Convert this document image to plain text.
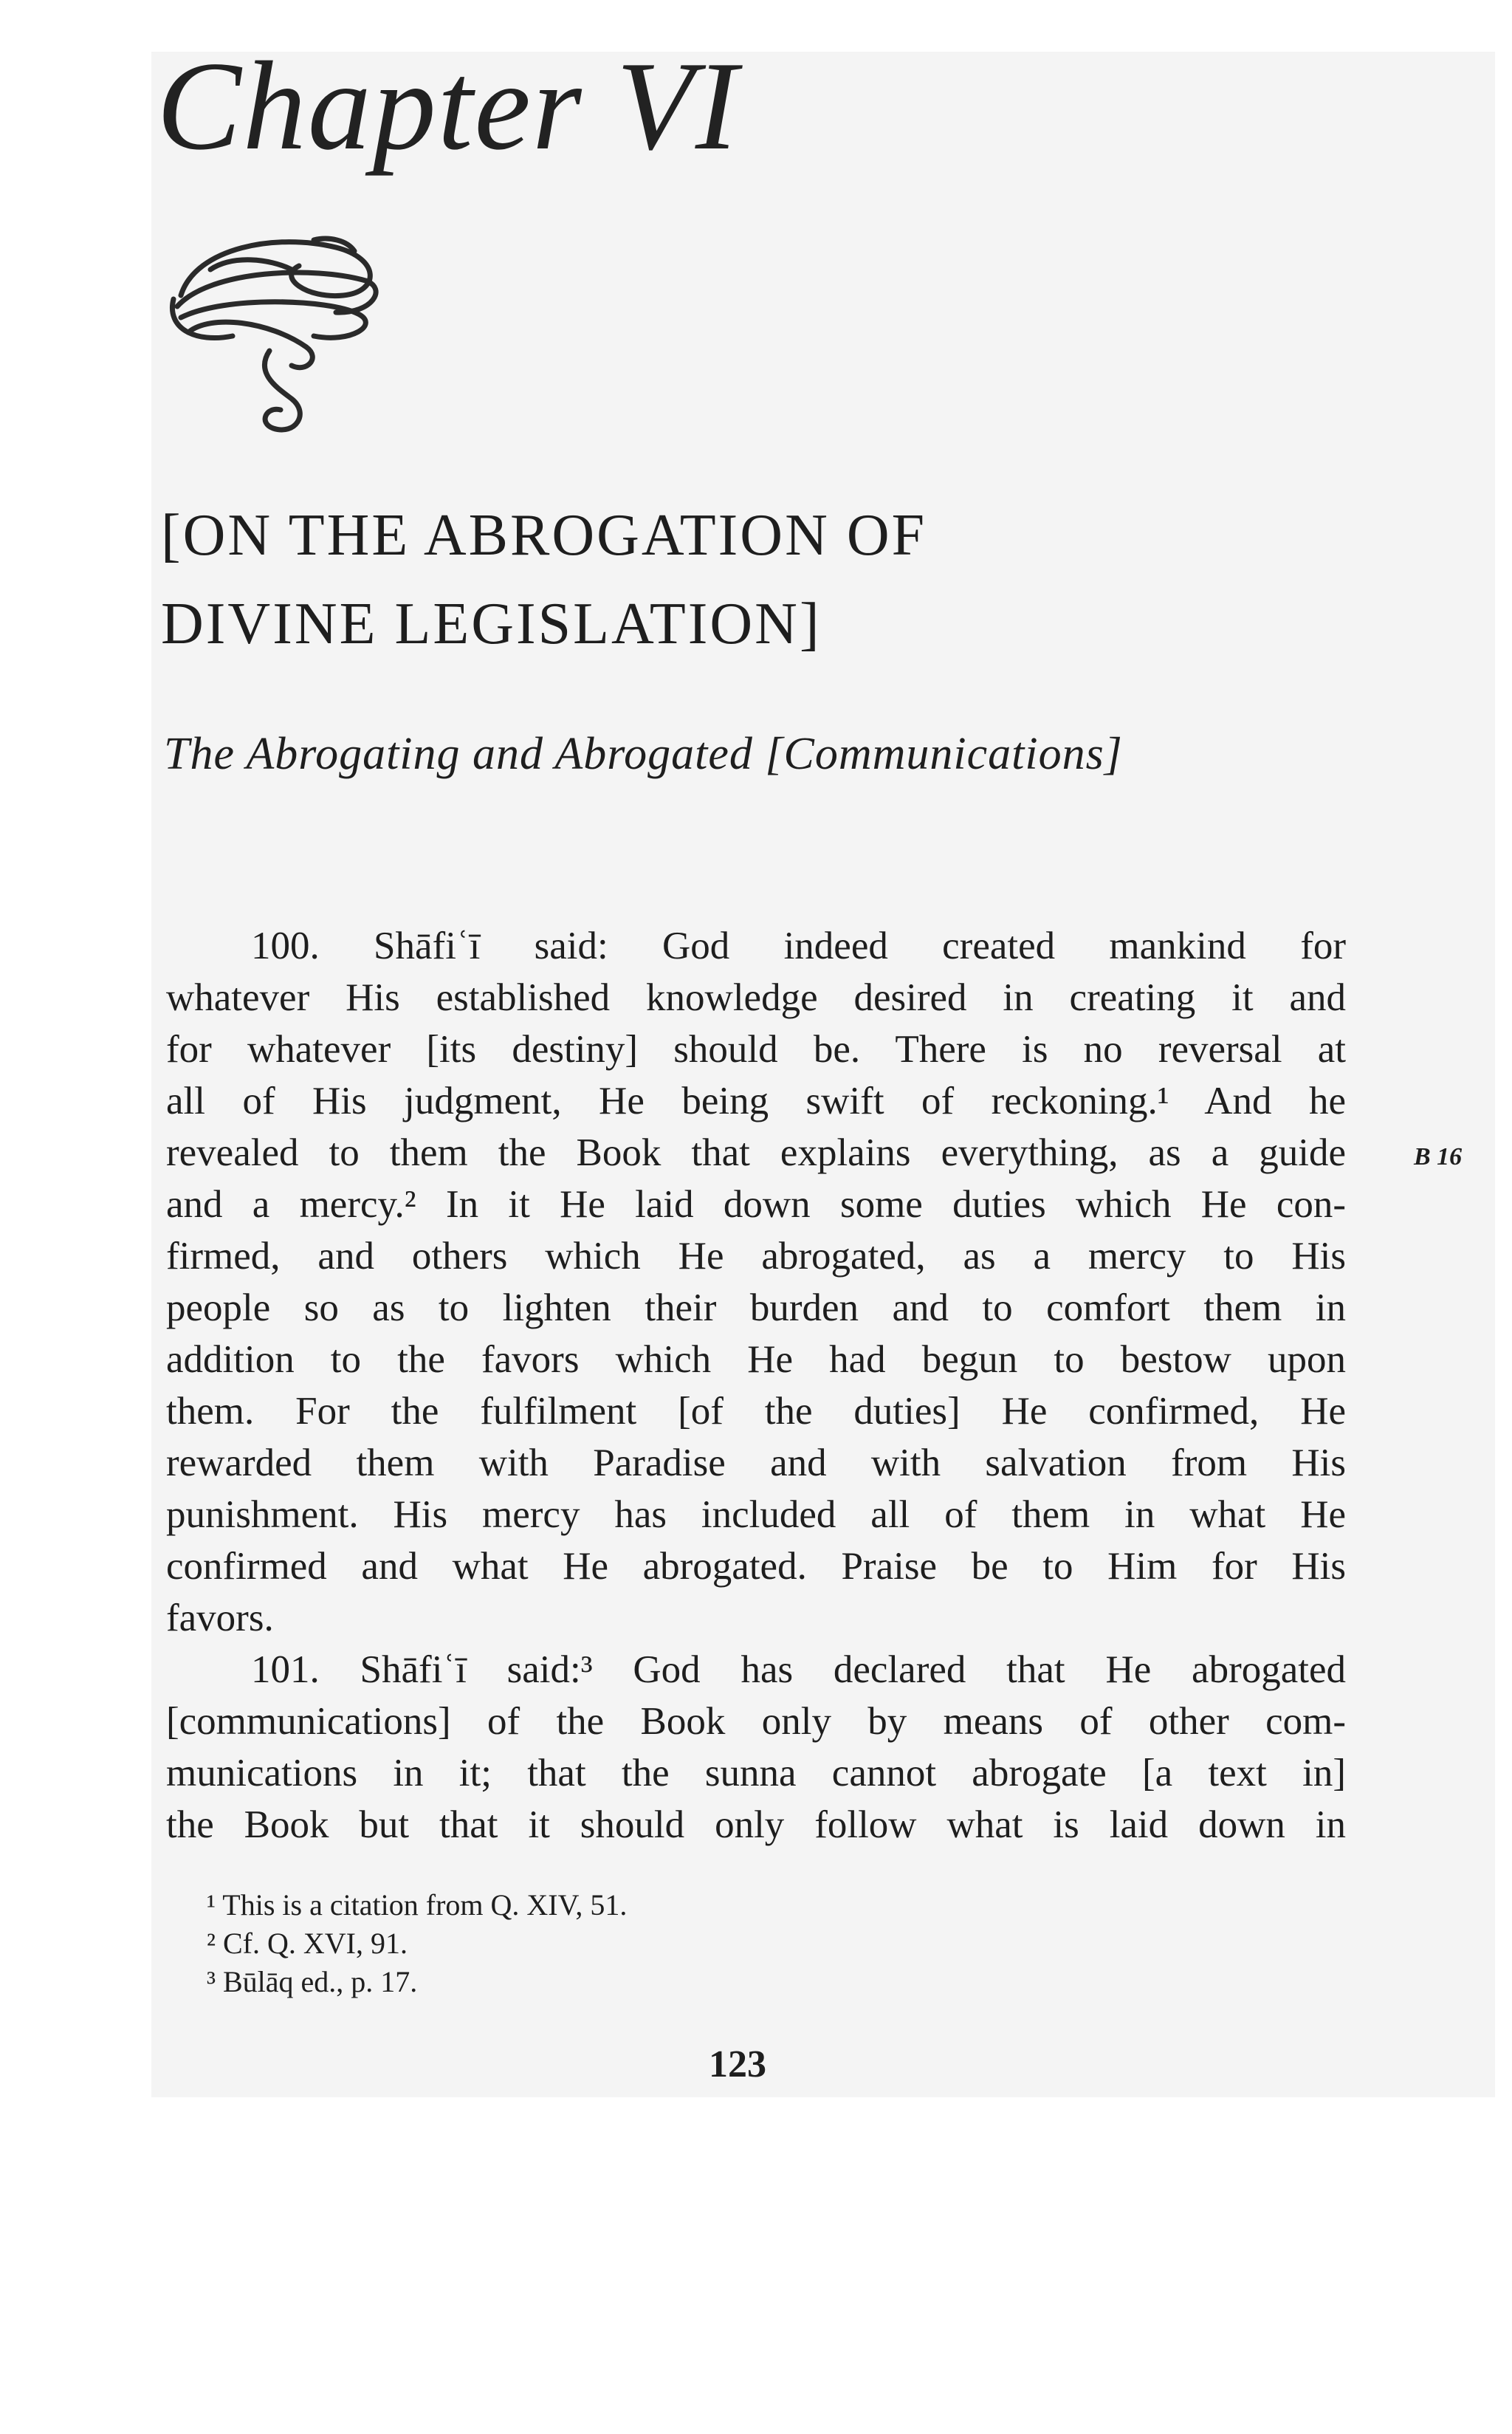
Chapter VI
[ON THE ABROGATION OF
DIVINE LEGISLATION]
The Abrogating and Abrogated [Communications]
100. Shāfiʿī said: God indeed created mankind for
whatever His established knowledge desired in creating it and
for whatever [its destiny] should be. There is no reversal at
all of His judgment, He being swift of reckoning.¹ And he
revealed to them the Book that explains everything, as a guide
and a mercy.² In it He laid down some duties which He con-
firmed, and others which He abrogated, as a mercy to His
people so as to lighten their burden and to comfort them in
addition to the favors which He had begun to bestow upon
them. For the fulfilment [of the duties] He confirmed, He
rewarded them with Paradise and with salvation from His
punishment. His mercy has included all of them in what He
confirmed and what He abrogated. Praise be to Him for His
favors.
101. Shāfiʿī said:³ God has declared that He abrogated
[communications] of the Book only by means of other com-
munications in it; that the sunna cannot abrogate [a text in]
the Book but that it should only follow what is laid down in
B 16
¹ This is a citation from Q. XIV, 51.
² Cf. Q. XVI, 91.
³ Būlāq ed., p. 17.
123
